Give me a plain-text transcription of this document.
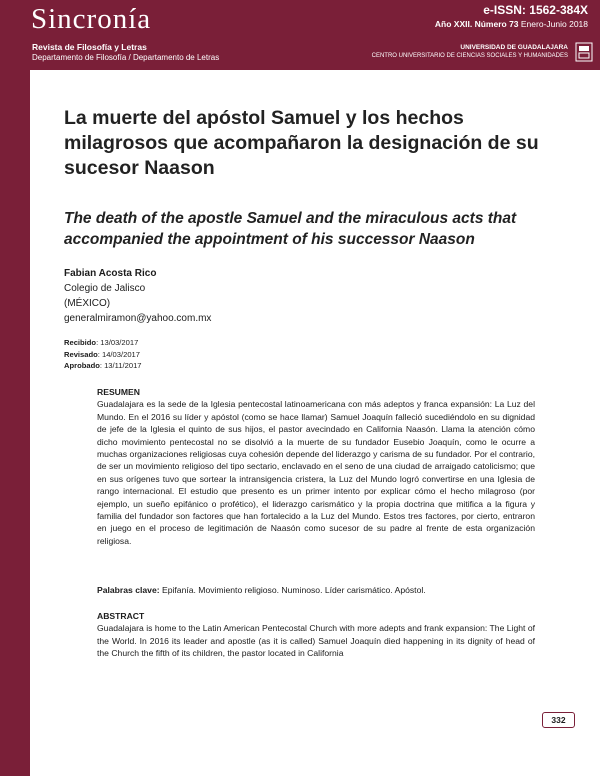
Sincronía
Revista de Filosofía y Letras
Departamento de Filosofía / Departamento de Letras
e-ISSN: 1562-384X
Año XXII. Número 73 Enero-Junio 2018
UNIVERSIDAD DE GUADALAJARA
CENTRO UNIVERSITARIO DE CIENCIAS SOCIALES Y HUMANIDADES
La muerte del apóstol Samuel y los hechos milagrosos que acompañaron la designación de su sucesor Naason
The death of the apostle Samuel and the miraculous acts that accompanied the appointment of his successor Naason
Fabian Acosta Rico
Colegio de Jalisco
(MÉXICO)
generalmiramon@yahoo.com.mx
Recibido: 13/03/2017
Revisado: 14/03/2017
Aprobado: 13/11/2017
RESUMEN
Guadalajara es la sede de la Iglesia pentecostal latinoamericana con más adeptos y franca expansión: La Luz del Mundo. En el 2016 su líder y apóstol (como se hace llamar) Samuel Joaquín falleció sucediéndolo en su dignidad de jefe de la Iglesia el quinto de sus hijos, el pastor avecindado en California Naasón. Llama la atención cómo dicho movimiento pentecostal no se disolvió a la muerte de su fundador Eusebio Joaquín, como le ocurre a muchas organizaciones religiosas cuya cohesión depende del liderazgo y carisma de su fundador. Por el contrario, de ser un movimiento religioso del tipo sectario, enclavado en el seno de una ciudad de arraigado catolicismo; que en sus orígenes tuvo que sortear la intransigencia cristera, la Luz del Mundo logró convertirse en una Iglesia de rango internacional. El estudio que presento es un primer intento por explicar cómo el hecho milagroso (por ejemplo, un sueño epifánico o profético), el liderazgo carismático y la propia doctrina que mitifica a la figura y familia del fundador son factores que han fortalecido a la Luz del Mundo. Estos tres factores, por cierto, entraron en juego en el proceso de legitimación de Naasón como sucesor de su padre al frente de esta organización religiosa.
Palabras clave: Epifanía. Movimiento religioso. Numinoso. Líder carismático. Apóstol.
ABSTRACT
Guadalajara is home to the Latin American Pentecostal Church with more adepts and frank expansion: The Light of the World. In 2016 its leader and apostle (as it is called) Samuel Joaquín died happening in its dignity of head of the Church the fifth of its children, the pastor located in California
332
